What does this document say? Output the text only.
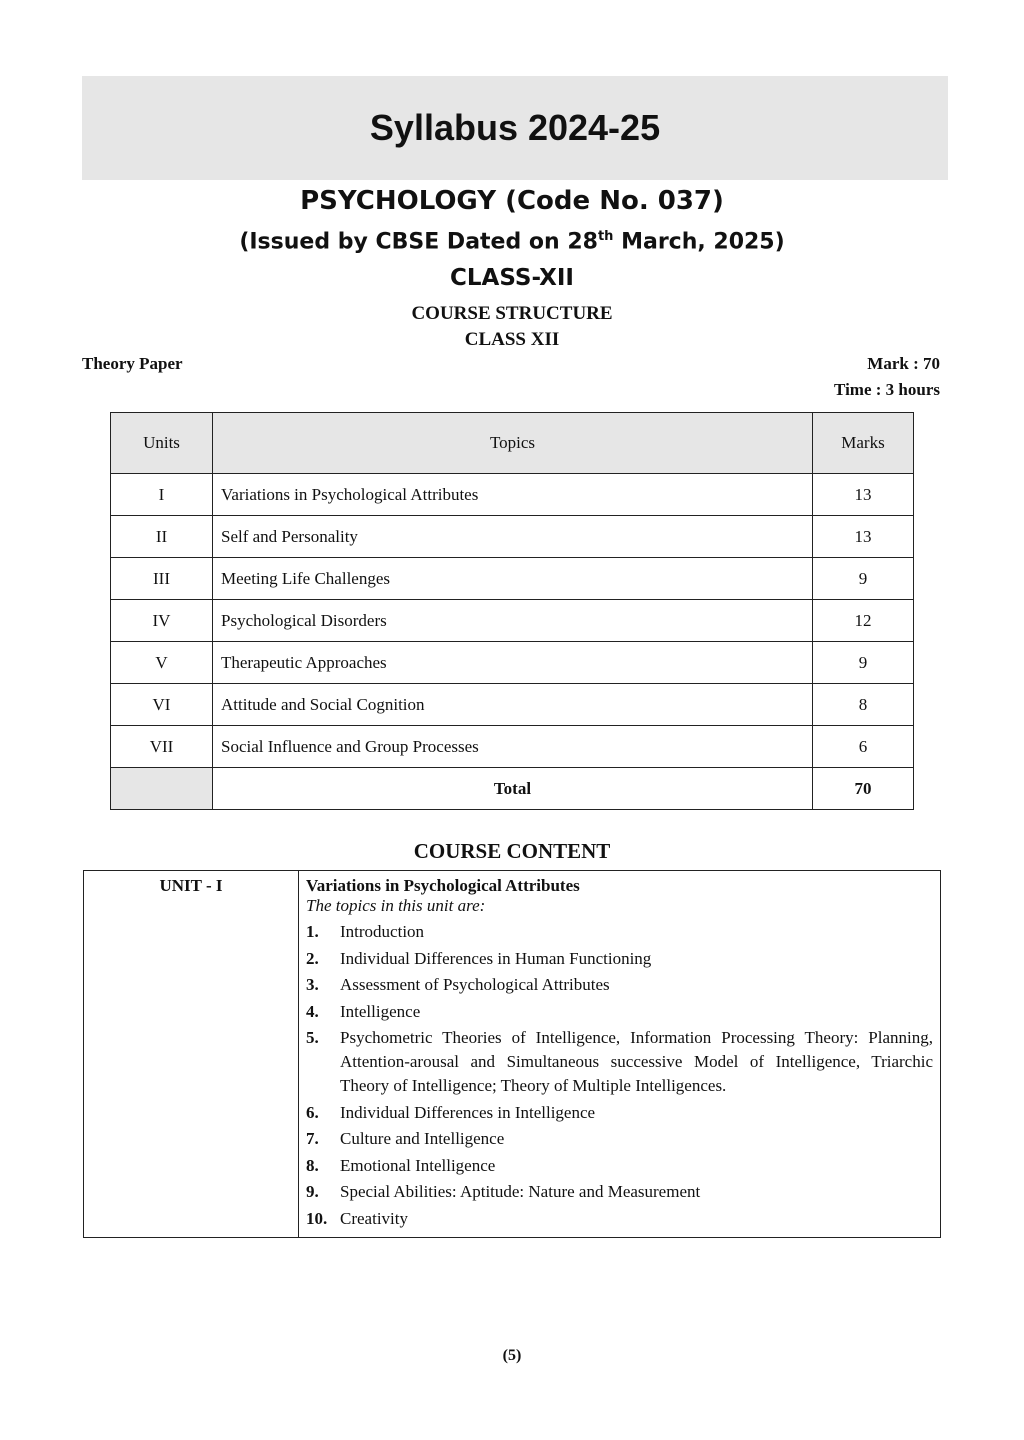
Syllabus 2024-25
PSYCHOLOGY (Code No. 037)
(Issued by CBSE Dated on 28th March, 2025)
CLASS-XII
COURSE STRUCTURE
CLASS XII
Theory Paper	Mark : 70
Time : 3 hours
Units	Topics	Marks
I	Variations in Psychological Attributes	13
II	Self and Personality	13
III	Meeting Life Challenges	9
IV	Psychological Disorders	12
V	Therapeutic Approaches	9
VI	Attitude and Social Cognition	8
VII	Social Influence and Group Processes	6
	Total	70
COURSE CONTENT
UNIT - I	Variations in Psychological Attributes
The topics in this unit are:
1.	Introduction
2.	Individual Differences in Human Functioning
3.	Assessment of Psychological Attributes
4.	Intelligence
5.	Psychometric Theories of Intelligence, Information Processing Theory: Planning, Attention-arousal and Simultaneous successive Model of Intelligence, Triarchic Theory of Intelligence; Theory of Multiple Intelligences.
6.	Individual Differences in Intelligence
7.	Culture and Intelligence
8.	Emotional Intelligence
9.	Special Abilities: Aptitude: Nature and Measurement
10. Creativity
(5)
